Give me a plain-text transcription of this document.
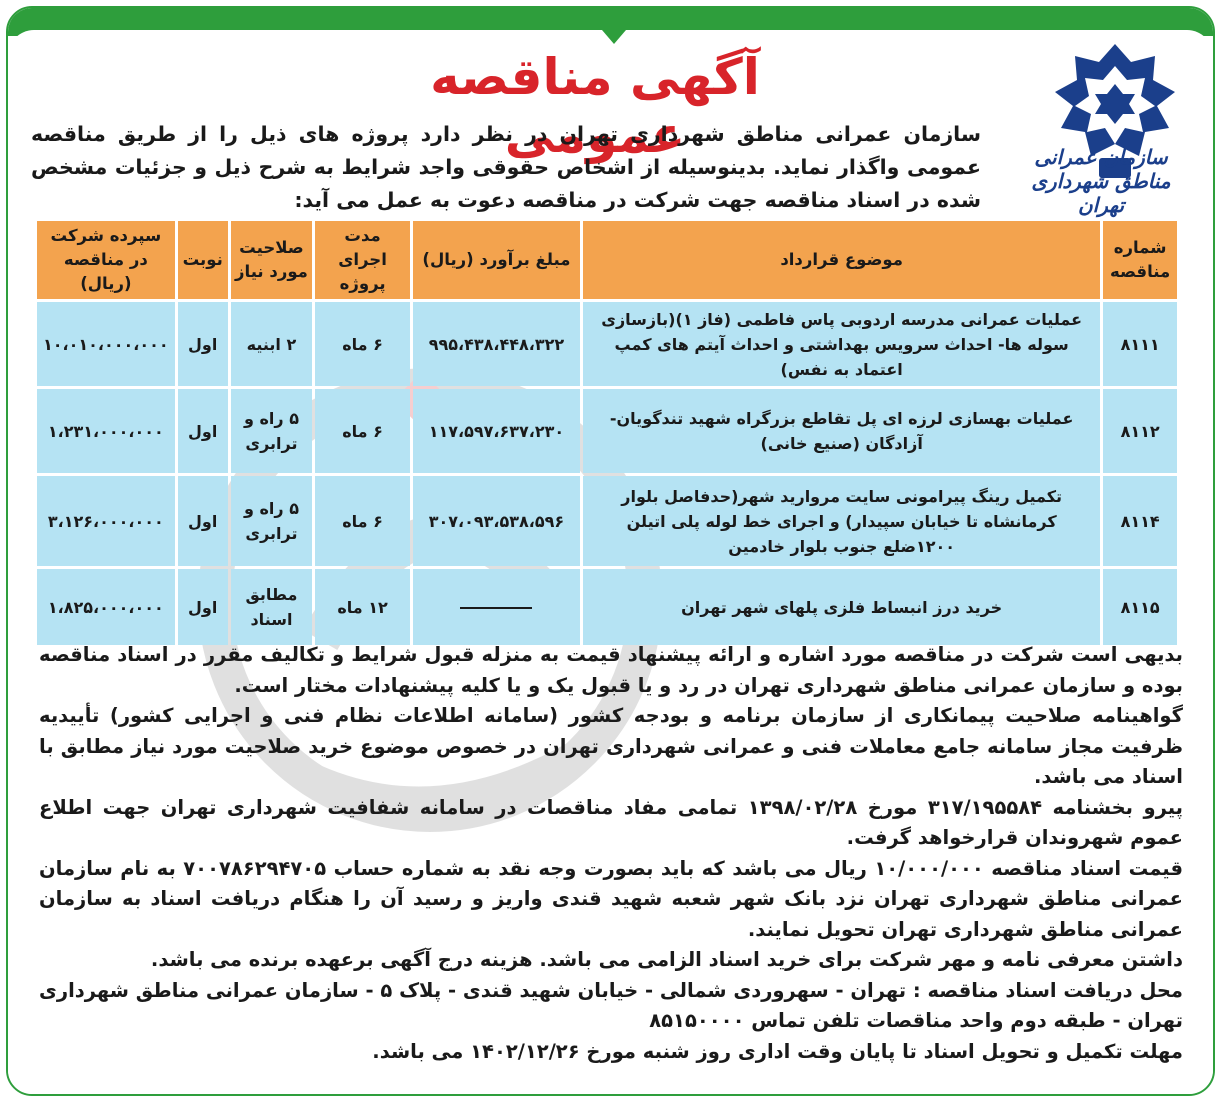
سازمان عمرانی مناطق شهرداری تهران
آگهی مناقصه عمومی
سازمان عمرانی مناطق شهرداری تهران در نظر دارد پروژه های ذیل را از طریق مناقصه عمومی واگذار نماید. بدینوسیله از اشخاص حقوقی واجد شرایط به شرح ذیل و جزئیات مشخص شده در اسناد مناقصه جهت شرکت در مناقصه دعوت به عمل می آید:
شماره مناقصه	موضوع قرارداد	مبلغ برآورد (ریال)	مدت اجرای پروژه	صلاحیت مورد نیاز	نوبت	سپرده شرکت در مناقصه (ریال)
۸۱۱۱	عملیات عمرانی مدرسه اردوبی پاس فاطمی (فاز ۱)(بازسازی سوله ها- احداث سرویس بهداشتی و احداث آیتم های کمپ اعتماد به نفس)	۹۹۵،۴۳۸،۴۴۸،۳۲۲	۶ ماه	۲ ابنیه	اول	۱۰،۰۱۰،۰۰۰،۰۰۰
۸۱۱۲	عملیات بهسازی لرزه ای پل تقاطع بزرگراه شهید تندگویان-آزادگان (صنیع خانی)	۱۱۷،۵۹۷،۶۳۷،۲۳۰	۶ ماه	۵ راه و ترابری	اول	۱،۲۳۱،۰۰۰،۰۰۰
۸۱۱۴	تکمیل رینگ پیرامونی سایت مروارید شهر(حدفاصل بلوار کرمانشاه تا خیابان سپیدار) و اجرای خط لوله پلی اتیلن ۱۲۰۰ضلع جنوب بلوار خادمین	۳۰۷،۰۹۳،۵۳۸،۵۹۶	۶ ماه	۵ راه و ترابری	اول	۳،۱۲۶،۰۰۰،۰۰۰
۸۱۱۵	خرید درز انبساط فلزی پلهای شهر تهران		۱۲ ماه	مطابق اسناد	اول	۱،۸۲۵،۰۰۰،۰۰۰

بدیهی است شرکت در مناقصه مورد اشاره و ارائه پیشنهاد قیمت به منزله قبول شرایط و تکالیف مقرر در اسناد مناقصه بوده و سازمان عمرانی مناطق شهرداری تهران در رد و یا قبول یک و یا کلیه پیشنهادات مختار است.

گواهینامه صلاحیت پیمانکاری از سازمان برنامه و بودجه کشور (سامانه اطلاعات نظام فنی و اجرایی کشور) تأییدیه ظرفیت مجاز سامانه جامع معاملات فنی و عمرانی شهرداری تهران در خصوص موضوع خرید صلاحیت مورد نیاز مطابق با اسناد می باشد.

پیرو بخشنامه ۳۱۷/۱۹۵۵۸۴ مورخ ۱۳۹۸/۰۲/۲۸ تمامی مفاد مناقصات در سامانه شفافیت شهرداری تهران جهت اطلاع عموم شهروندان قرارخواهد گرفت.

قیمت اسناد مناقصه ۱۰/۰۰۰/۰۰۰ ریال می باشد که باید بصورت وجه نقد به شماره حساب ۷۰۰۷۸۶۲۹۴۷۰۵ به نام سازمان عمرانی مناطق شهرداری تهران نزد بانک شهر شعبه شهید قندی واریز و رسید آن را هنگام دریافت اسناد به سازمان عمرانی مناطق شهرداری تهران تحویل نمایند.

داشتن معرفی نامه و مهر شرکت برای خرید اسناد الزامی می باشد. هزینه درج آگهی برعهده برنده می باشد.

محل دریافت اسناد مناقصه : تهران - سهروردی شمالی - خیابان شهید قندی - پلاک ۵ - سازمان عمرانی مناطق شهرداری تهران - طبقه دوم واحد مناقصات تلفن تماس ۸۵۱۵۰۰۰۰

مهلت تکمیل و تحویل اسناد تا پایان وقت اداری روز شنبه مورخ ۱۴۰۲/۱۲/۲۶ می باشد.
